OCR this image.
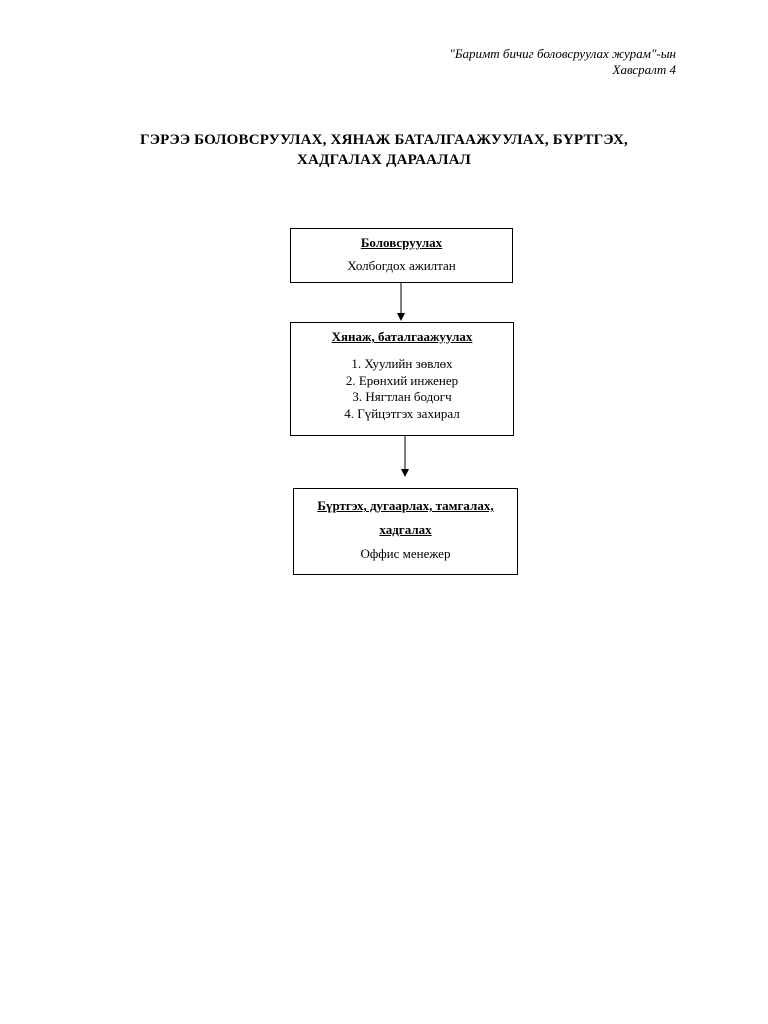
"Баримт бичиг боловсруулах журам"-ын
Хавсралт 4
ГЭРЭЭ БОЛОВСРУУЛАХ, ХЯНАЖ БАТАЛГААЖУУЛАХ, БҮРТГЭХ,
ХАДГАЛАХ ДАРААЛАЛ
Боловсруулах
Холбогдох ажилтан
Хянаж, баталгаажуулах
1. Хуулийн зөвлөх
2. Ерөнхий инженер
3. Нягтлан бодогч
4. Гүйцэтгэх захирал
Бүртгэх, дугаарлах, тамгалах,
хадгалах
Оффис менежер
